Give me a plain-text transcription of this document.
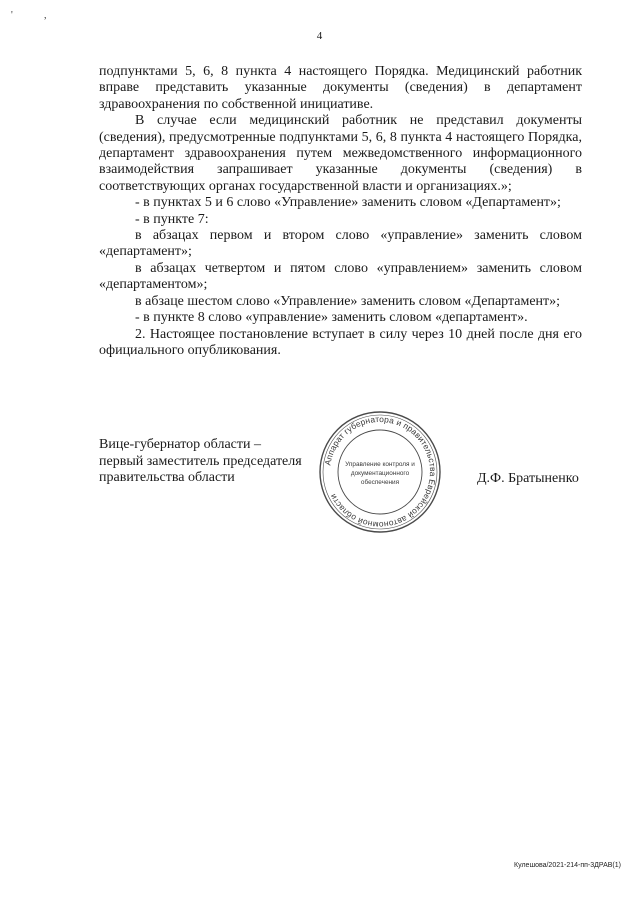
'	,
4

подпунктами 5, 6, 8 пункта 4 настоящего Порядка. Медицинский работник вправе представить указанные документы (сведения) в департамент здравоохранения по собственной инициативе.

В случае если медицинский работник не представил документы (сведения), предусмотренные подпунктами 5, 6, 8 пункта 4 настоящего Порядка, департамент здравоохранения путем межведомственного информационного взаимодействия запрашивает указанные документы (сведения) в соответствующих органах государственной власти и организациях.»;

- в пунктах 5 и 6 слово «Управление» заменить словом «Департамент»;

- в пункте 7:

в абзацах первом и втором слово «управление» заменить словом «департамент»;

в абзацах четвертом и пятом слово «управлением» заменить словом «департаментом»;

в абзаце шестом слово «Управление» заменить словом «Департамент»;

- в пункте 8 слово «управление» заменить словом «департамент».

2. Настоящее постановление вступает в силу через 10 дней после дня его официального опубликования.

Вице-губернатор области –
первый заместитель председателя
правительства области
Аппарат губернатора и правительства Еврейской автономной области
Управление контроля и
документационного
обеспечения	Д.Ф. Братыненко
Кулешова/2021-214-пп-3ДРАВ(1)
